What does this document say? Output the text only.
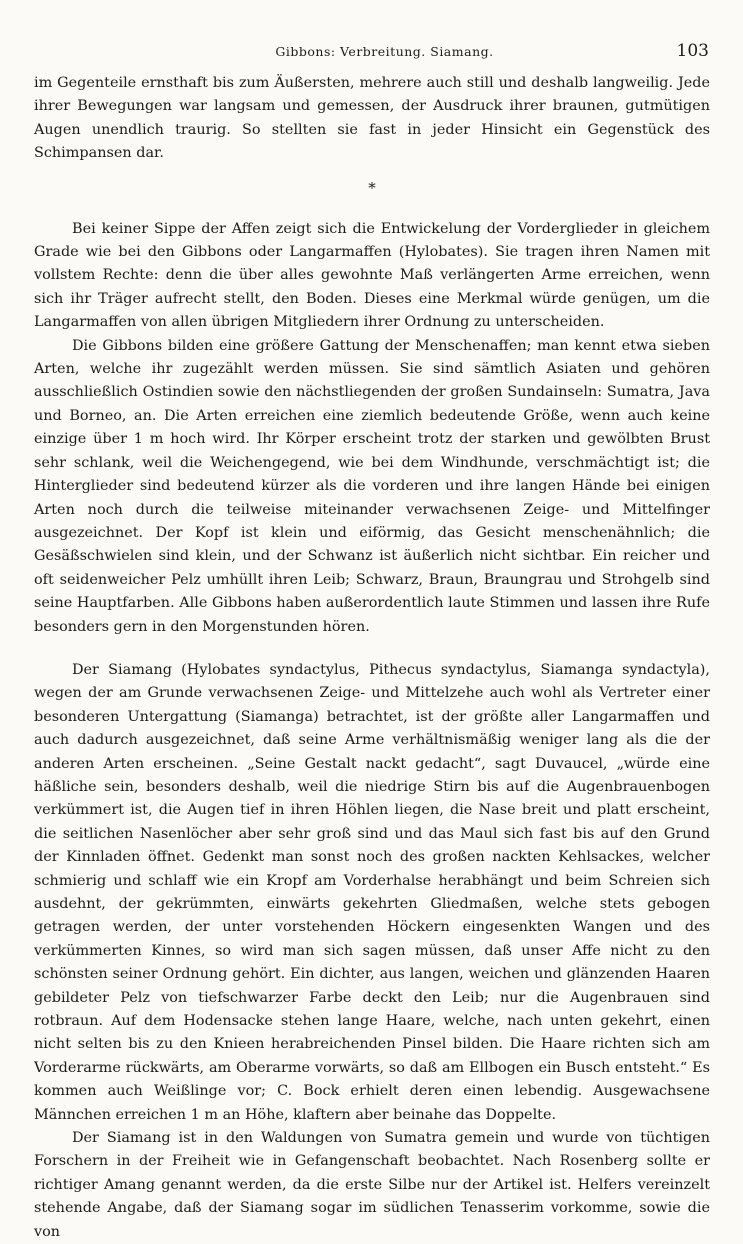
Gibbons: Verbreitung. Siamang.	103

im Gegenteile ernsthaft bis zum Äußersten, mehrere auch still und deshalb langweilig. Jede ihrer Bewegungen war langsam und gemessen, der Ausdruck ihrer braunen, gutmütigen Augen unendlich traurig. So stellten sie fast in jeder Hinsicht ein Gegenstück des Schimpansen dar.

*

Bei keiner Sippe der Affen zeigt sich die Entwickelung der Vorderglieder in gleichem Grade wie bei den Gibbons oder Langarmaffen (Hylobates). Sie tragen ihren Namen mit vollstem Rechte: denn die über alles gewohnte Maß verlängerten Arme erreichen, wenn sich ihr Träger aufrecht stellt, den Boden. Dieses eine Merkmal würde genügen, um die Langarmaffen von allen übrigen Mitgliedern ihrer Ordnung zu unterscheiden.

Die Gibbons bilden eine größere Gattung der Menschenaffen; man kennt etwa sieben Arten, welche ihr zugezählt werden müssen. Sie sind sämtlich Asiaten und gehören ausschließlich Ostindien sowie den nächstliegenden der großen Sundainseln: Sumatra, Java und Borneo, an. Die Arten erreichen eine ziemlich bedeutende Größe, wenn auch keine einzige über 1 m hoch wird. Ihr Körper erscheint trotz der starken und gewölbten Brust sehr schlank, weil die Weichengegend, wie bei dem Windhunde, verschmächtigt ist; die Hinterglieder sind bedeutend kürzer als die vorderen und ihre langen Hände bei einigen Arten noch durch die teilweise miteinander verwachsenen Zeige- und Mittelfinger ausgezeichnet. Der Kopf ist klein und eiförmig, das Gesicht menschenähnlich; die Gesäßschwielen sind klein, und der Schwanz ist äußerlich nicht sichtbar. Ein reicher und oft seidenweicher Pelz umhüllt ihren Leib; Schwarz, Braun, Braungrau und Strohgelb sind seine Hauptfarben. Alle Gibbons haben außerordentlich laute Stimmen und lassen ihre Rufe besonders gern in den Morgenstunden hören.

Der Siamang (Hylobates syndactylus, Pithecus syndactylus, Siamanga syndactyla), wegen der am Grunde verwachsenen Zeige- und Mittelzehe auch wohl als Vertreter einer besonderen Untergattung (Siamanga) betrachtet, ist der größte aller Langarmaffen und auch dadurch ausgezeichnet, daß seine Arme verhältnismäßig weniger lang als die der anderen Arten erscheinen. „Seine Gestalt nackt gedacht“, sagt Duvaucel, „würde eine häßliche sein, besonders deshalb, weil die niedrige Stirn bis auf die Augenbrauenbogen verkümmert ist, die Augen tief in ihren Höhlen liegen, die Nase breit und platt erscheint, die seitlichen Nasenlöcher aber sehr groß sind und das Maul sich fast bis auf den Grund der Kinnladen öffnet. Gedenkt man sonst noch des großen nackten Kehlsackes, welcher schmierig und schlaff wie ein Kropf am Vorderhalse herabhängt und beim Schreien sich ausdehnt, der gekrümmten, einwärts gekehrten Gliedmaßen, welche stets gebogen getragen werden, der unter vorstehenden Höckern eingesenkten Wangen und des verkümmerten Kinnes, so wird man sich sagen müssen, daß unser Affe nicht zu den schönsten seiner Ordnung gehört. Ein dichter, aus langen, weichen und glänzenden Haaren gebildeter Pelz von tiefschwarzer Farbe deckt den Leib; nur die Augenbrauen sind rotbraun. Auf dem Hodensacke stehen lange Haare, welche, nach unten gekehrt, einen nicht selten bis zu den Knieen herabreichenden Pinsel bilden. Die Haare richten sich am Vorderarme rückwärts, am Oberarme vorwärts, so daß am Ellbogen ein Busch entsteht.“ Es kommen auch Weißlinge vor; C. Bock erhielt deren einen lebendig. Ausgewachsene Männchen erreichen 1 m an Höhe, klaftern aber beinahe das Doppelte.

Der Siamang ist in den Waldungen von Sumatra gemein und wurde von tüchtigen Forschern in der Freiheit wie in Gefangenschaft beobachtet. Nach Rosenberg sollte er richtiger Amang genannt werden, da die erste Silbe nur der Artikel ist. Helfers vereinzelt stehende Angabe, daß der Siamang sogar im südlichen Tenasserim vorkomme, sowie die von
